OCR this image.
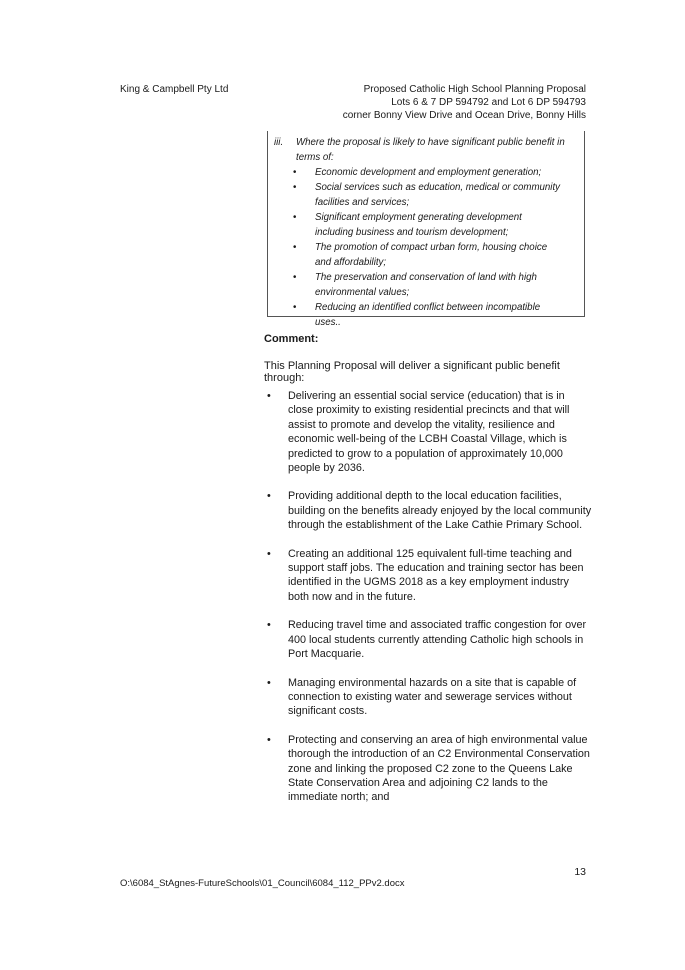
King & Campbell Pty Ltd	Proposed Catholic High School Planning Proposal
Lots 6 & 7 DP 594792 and Lot 6 DP 594793
corner Bonny View Drive and Ocean Drive, Bonny Hills
iii.	Where the proposal is likely to have significant public benefit in terms of:
• Economic development and employment generation;
• Social services such as education, medical or community facilities and services;
• Significant employment generating development including business and tourism development;
• The promotion of compact urban form, housing choice and affordability;
• The preservation and conservation of land with high environmental values;
• Reducing an identified conflict between incompatible uses..
Comment:
This Planning Proposal will deliver a significant public benefit through:
• Delivering an essential social service (education) that is in close proximity to existing residential precincts and that will assist to promote and develop the vitality, resilience and economic well-being of the LCBH Coastal Village, which is predicted to grow to a population of approximately 10,000 people by 2036.
• Providing additional depth to the local education facilities, building on the benefits already enjoyed by the local community through the establishment of the Lake Cathie Primary School.
• Creating an additional 125 equivalent full-time teaching and support staff jobs. The education and training sector has been identified in the UGMS 2018 as a key employment industry both now and in the future.
• Reducing travel time and associated traffic congestion for over 400 local students currently attending Catholic high schools in Port Macquarie.
• Managing environmental hazards on a site that is capable of connection to existing water and sewerage services without significant costs.
• Protecting and conserving an area of high environmental value thorough the introduction of an C2 Environmental Conservation zone and linking the proposed C2 zone to the Queens Lake State Conservation Area and adjoining C2 lands to the immediate north; and
13
O:\6084_StAgnes-FutureSchools\01_Council\6084_112_PPv2.docx
